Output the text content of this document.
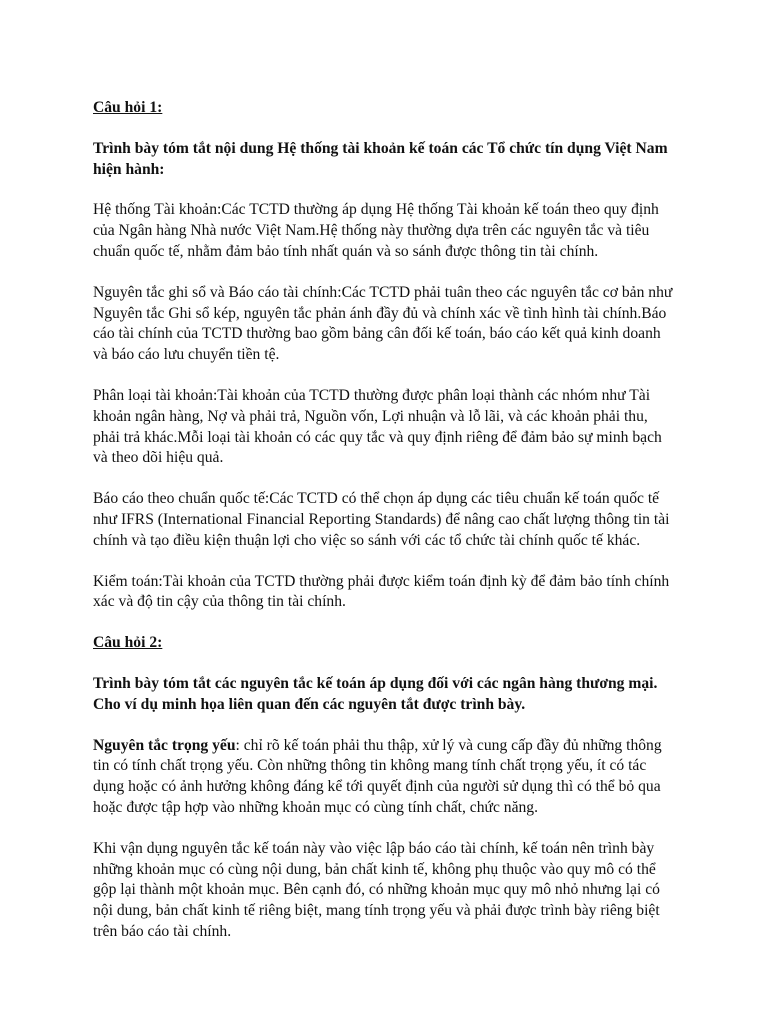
Câu hỏi 1:

Trình bày tóm tắt nội dung Hệ thống tài khoản kế toán các Tổ chức tín dụng Việt Nam hiện hành:

Hệ thống Tài khoản:Các TCTD thường áp dụng Hệ thống Tài khoản kế toán theo quy định của Ngân hàng Nhà nước Việt Nam.Hệ thống này thường dựa trên các nguyên tắc và tiêu chuẩn quốc tế, nhằm đảm bảo tính nhất quán và so sánh được thông tin tài chính.

Nguyên tắc ghi sổ và Báo cáo tài chính:Các TCTD phải tuân theo các nguyên tắc cơ bản như Nguyên tắc Ghi sổ kép, nguyên tắc phản ánh đầy đủ và chính xác về tình hình tài chính.Báo cáo tài chính của TCTD thường bao gồm bảng cân đối kế toán, báo cáo kết quả kinh doanh và báo cáo lưu chuyển tiền tệ.

Phân loại tài khoản:Tài khoản của TCTD thường được phân loại thành các nhóm như Tài khoản ngân hàng, Nợ và phải trả, Nguồn vốn, Lợi nhuận và lỗ lãi, và các khoản phải thu, phải trả khác.Mỗi loại tài khoản có các quy tắc và quy định riêng để đảm bảo sự minh bạch và theo dõi hiệu quả.

Báo cáo theo chuẩn quốc tế:Các TCTD có thể chọn áp dụng các tiêu chuẩn kế toán quốc tế như IFRS (International Financial Reporting Standards) để nâng cao chất lượng thông tin tài chính và tạo điều kiện thuận lợi cho việc so sánh với các tổ chức tài chính quốc tế khác.

Kiểm toán:Tài khoản của TCTD thường phải được kiểm toán định kỳ để đảm bảo tính chính xác và độ tin cậy của thông tin tài chính.

Câu hỏi 2:

Trình bày tóm tắt các nguyên tắc kế toán áp dụng đối với các ngân hàng thương mại. Cho ví dụ minh họa liên quan đến các nguyên tắt được trình bày.

Nguyên tắc trọng yếu: chỉ rõ kế toán phải thu thập, xử lý và cung cấp đầy đủ những thông tin có tính chất trọng yếu. Còn những thông tin không mang tính chất trọng yếu, ít có tác dụng hoặc có ảnh hưởng không đáng kể tới quyết định của người sử dụng thì có thể bỏ qua hoặc được tập hợp vào những khoản mục có cùng tính chất, chức năng.

Khi vận dụng nguyên tắc kế toán này vào việc lập báo cáo tài chính, kế toán nên trình bày những khoản mục có cùng nội dung, bản chất kinh tế, không phụ thuộc vào quy mô có thể gộp lại thành một khoản mục. Bên cạnh đó, có những khoản mục quy mô nhỏ nhưng lại có nội dung, bản chất kinh tế riêng biệt, mang tính trọng yếu và phải được trình bày riêng biệt trên báo cáo tài chính.
